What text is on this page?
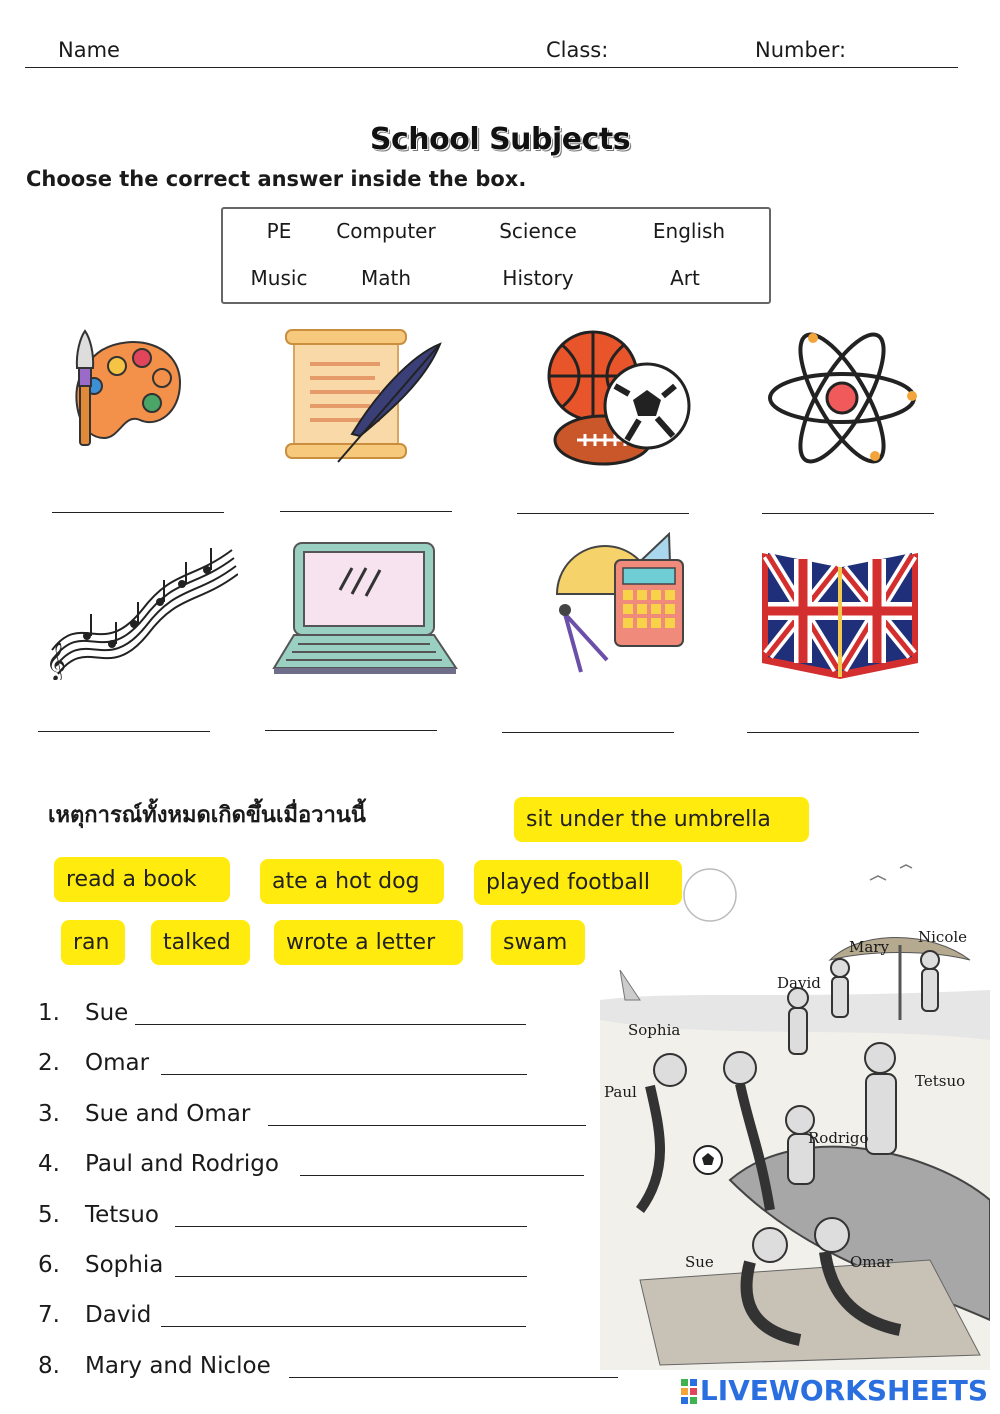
Name	Class:	Number:
School Subjects
Choose the correct answer inside the box.
PE	Computer	Science	English
Music	Math	History	Art
𝄞
เหตุการณ์ทั้งหมดเกิดขึ้นเมื่อวานนี้	sit under the umbrella
read a book	ate a hot dog	played football
ran	talked	wrote a letter	swam
1. Sue
2. Omar
3. Sue and Omar
4. Paul and Rodrigo
5. Tetsuo
6. Sophia
7. David
8. Mary and Nicloe
Mary
Nicole
David
Sophia
Paul
Tetsuo
Rodrigo
Sue	Omar
LIVEWORKSHEETS
